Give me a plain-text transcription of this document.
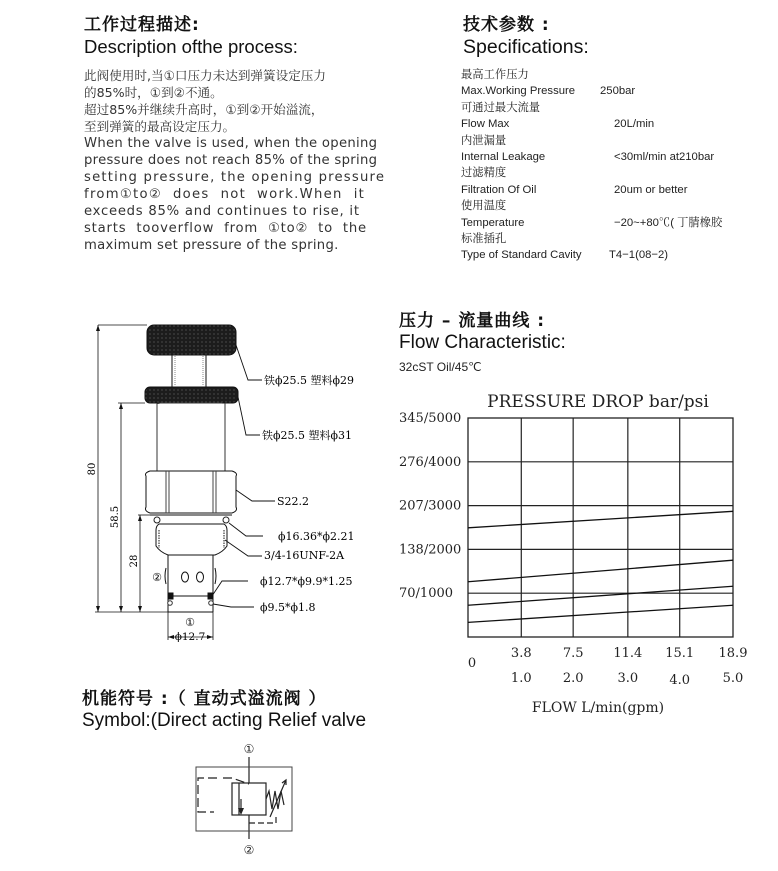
工作过程描述:
Description ofthe process:
此阀使用时,当①口压力未达到弹簧设定压力
的85%时，①到②不通。
超过85%并继续升高时，①到②开始溢流，
至到弹簧的最高设定压力。
When the valve is used, when the opening
pressure does not reach 85% of the spring
setting pressure, the opening pressure
from①to②  does  not  work.When  it
exceeds 85% and continues to rise, it
starts  tooverflow  from  ①to②  to  the
maximum set pressure of the spring.
技术参数 :
Specifications:
最高工作压力
Max.Working Pressure	250bar
可通过最大流量
Flow Max	20L/min
内泄漏量
Internal Leakage	<30ml/min at210bar
过滤精度
Filtration Of Oil	20um or better
使用温度
Temperature	−20~+80℃( 丁腈橡胶
标准插孔
Type of Standard Cavity	T4−1(08−2)
80
58.5
28
②
①
ϕ12.7
铁ϕ25.5 塑料ϕ29
铁ϕ25.5 塑料ϕ31
S22.2
ϕ16.36*ϕ2.21
3/4-16UNF-2A
ϕ12.7*ϕ9.9*1.25
ϕ9.5*ϕ1.8
压力 – 流量曲线 :
Flow Characteristic:
32cST Oil/45℃
PRESSURE DROP bar/psi
70/1000
138/2000
207/3000
276/4000
345/5000
3.8
1.0
7.5
2.0
11.4
3.0
15.1
4.0
18.9
5.0
0
FLOW L/min(gpm)
机能符号 :（ 直动式溢流阀 ）
Symbol:(Direct acting Relief valve
①
②
